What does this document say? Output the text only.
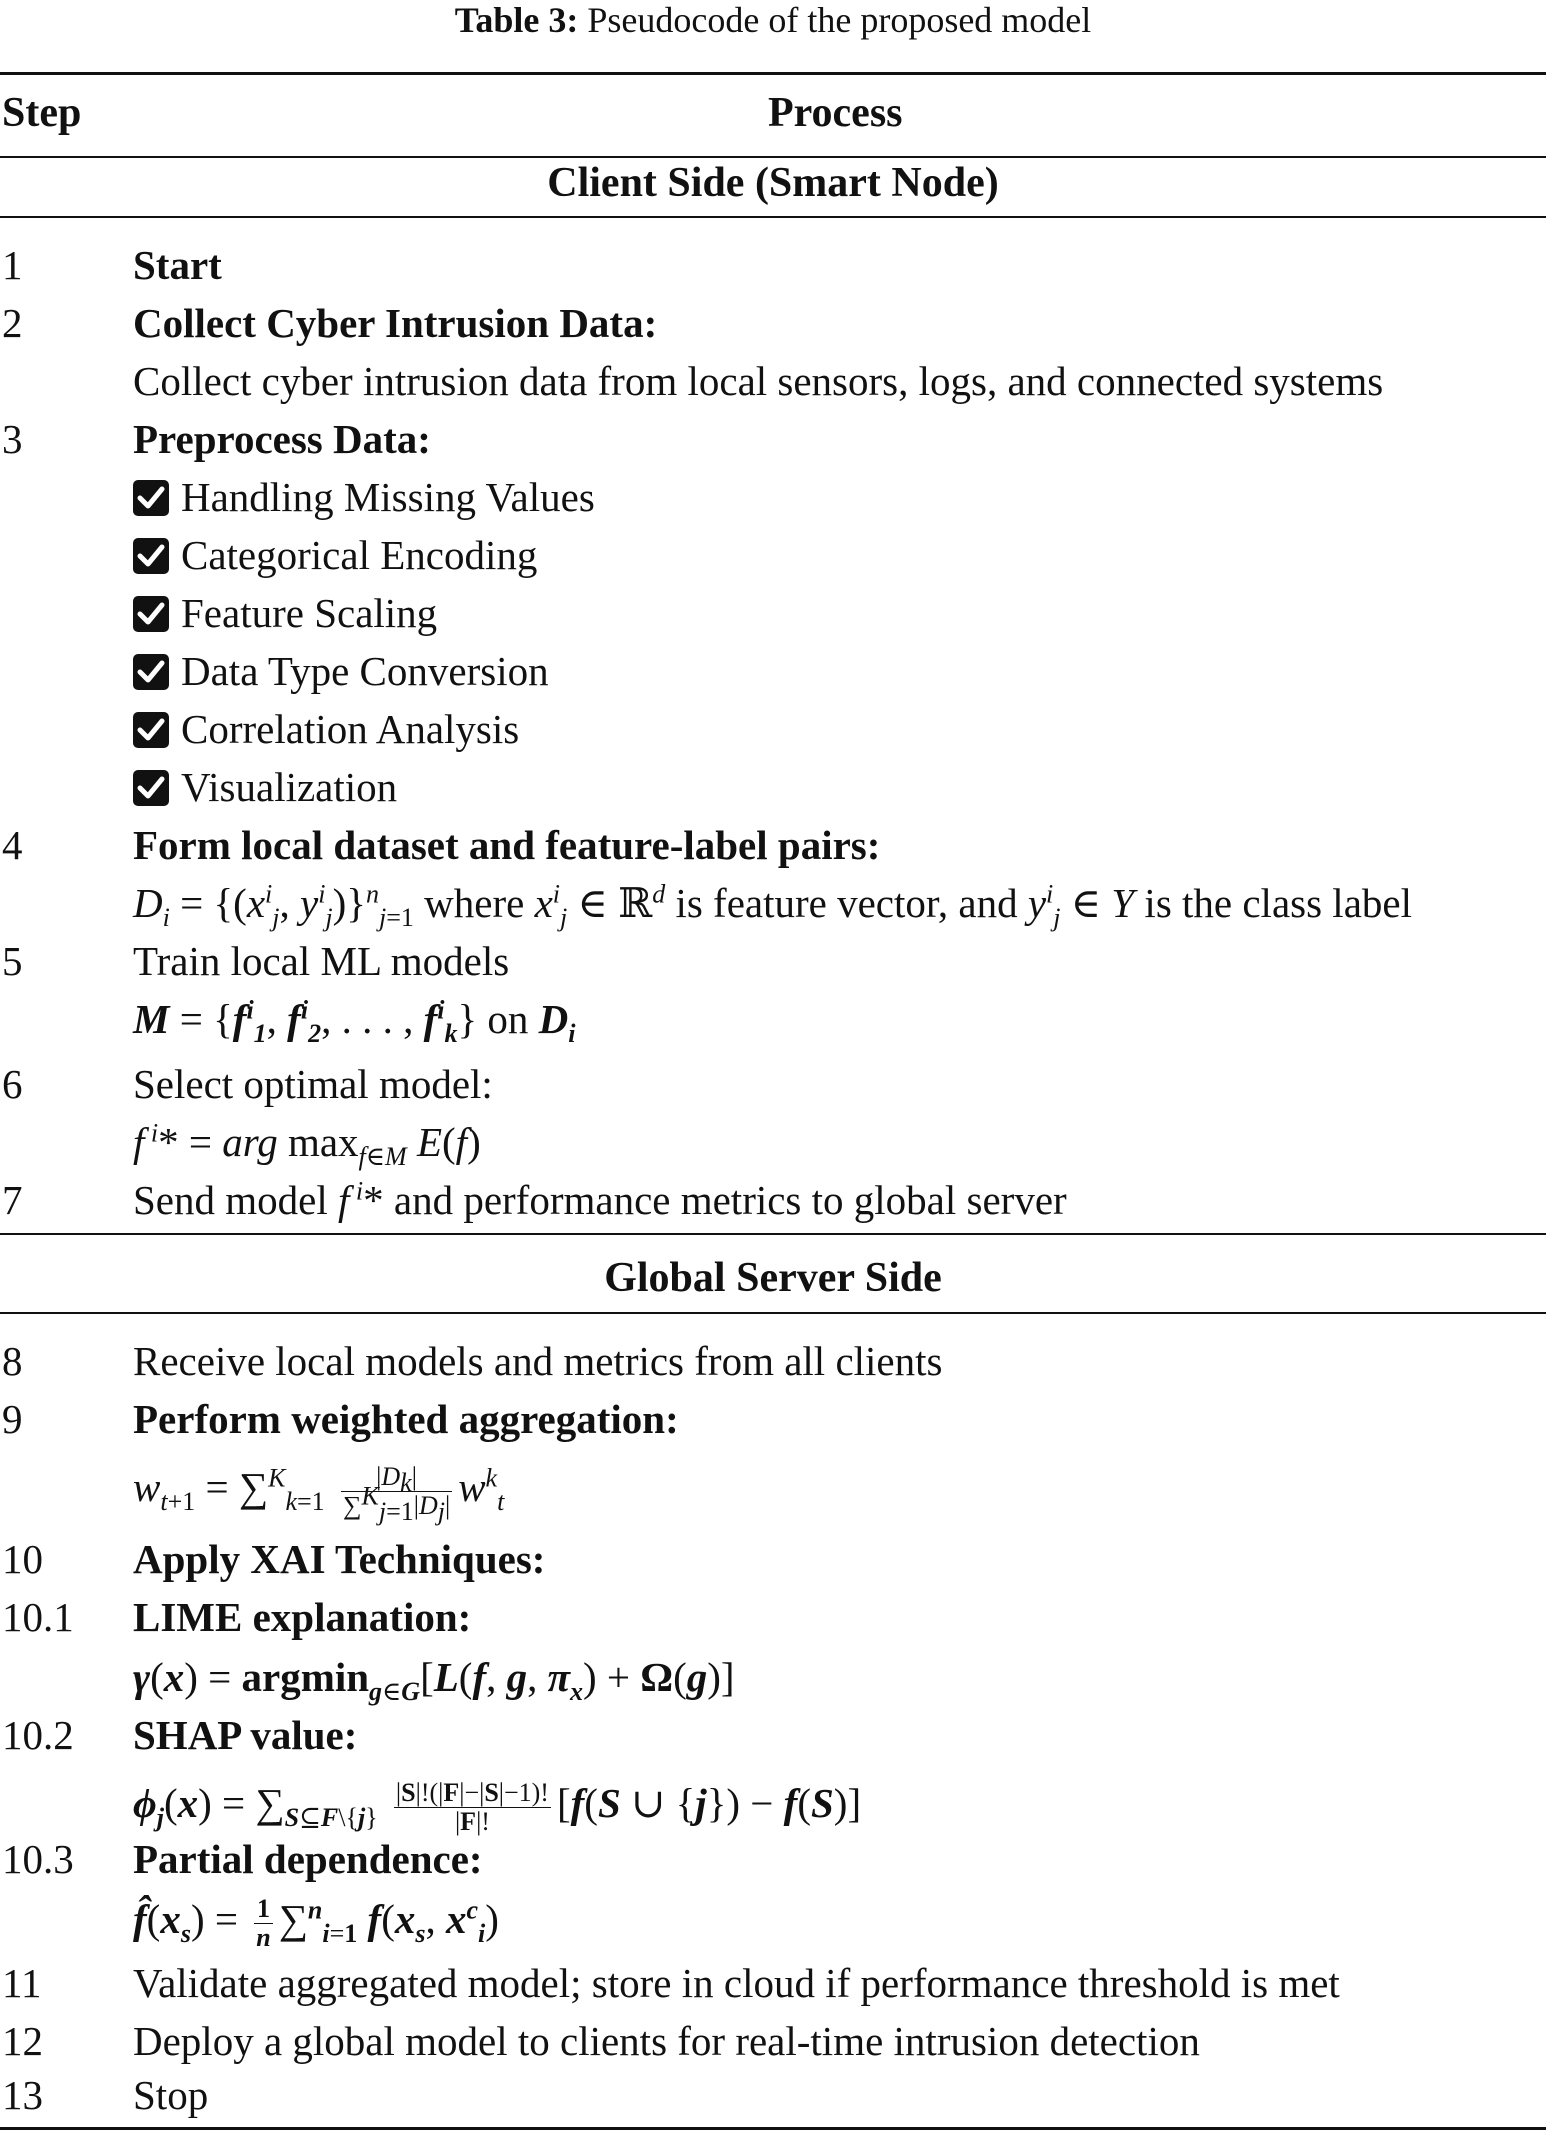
Table 3: Pseudocode of the proposed model
Step	Process
Client Side (Smart Node)
1	Start
2	Collect Cyber Intrusion Data:
Collect cyber intrusion data from local sensors, logs, and connected systems
3	Preprocess Data:
Handling Missing Values
Categorical Encoding
Feature Scaling
Data Type Conversion
Correlation Analysis
Visualization
4	Form local dataset and feature-label pairs:
$D_i = \{(x^i_j$, $y^i_j)\}^n_{j=1}$ where $x^i_j$ ∈ ℝ$^d$ is feature vector, and $y^i_j$ ∈ Y is the class label
5	Train local ML models
$M = \{f^i_1$, $f^i_2$, . . . , $f^i_k$} on $D_i$
6	Select optimal model:
f $^i$* = arg $\max_{f\in M} E(f)$
7	Send model f $^i$* and performance metrics to global server
Global Server Side
8	Receive local models and metrics from all clients
9	Perform weighted aggregation:
$w_{t+1} = \sum^K_{k=1} \frac{|D_k|}{\sum^K_{j=1}|D_j|} w^k_t$
10 Apply XAI Techniques:
10.1 LIME explanation:
γ(x) = argmin$_{g\in G}$[L(f, g, $\pi_x) + \Omega(g)$]
10.2 SHAP value:
$\phi_j(x) = \sum_{S⊆F\backslash\{j\}} \frac{|S|!(|F|-|S|-1)!}{|F|!} [f(S$ ∪ {j}) − f(S)]
10.3 Partial dependence:
$f̂(x_s) = \frac{1}{n} \sum^n_{i=1}$ $f(x_s$, $x^c_i$)
11 Validate aggregated model; store in cloud if performance threshold is met
12 Deploy a global model to clients for real-time intrusion detection
13 Stop
